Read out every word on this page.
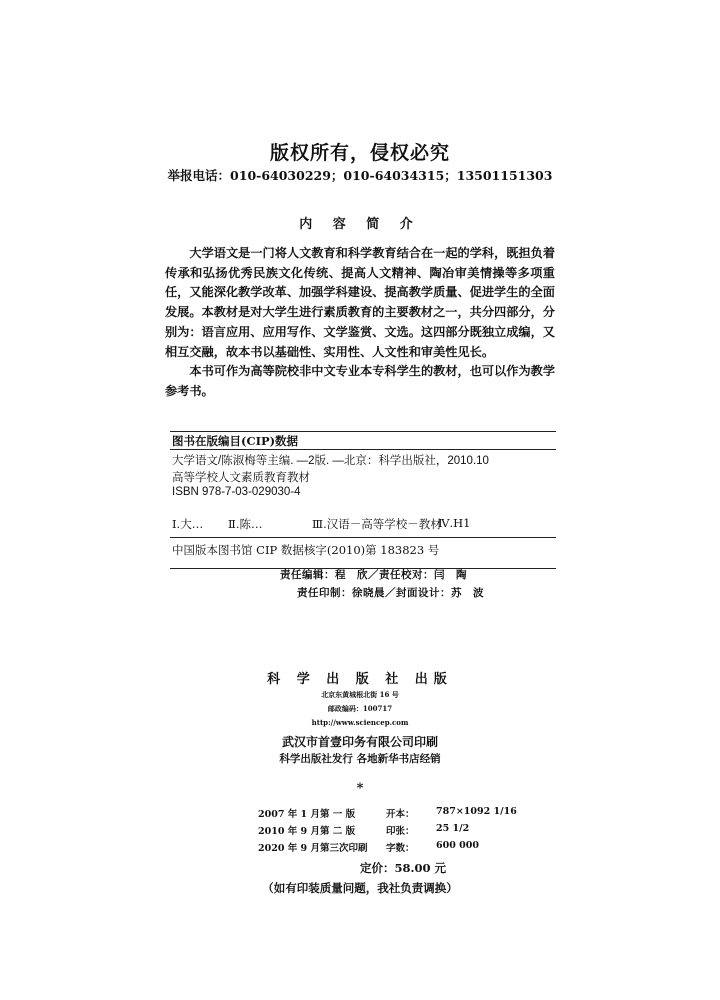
版权所有，侵权必究
举报电话：010-64030229；010-64034315；13501151303
内 容 简 介

大学语文是一门将人文教育和科学教育结合在一起的学科，既担负着传承和弘扬优秀民族文化传统、提高人文精神、陶冶审美情操等多项重任，又能深化教学改革、加强学科建设、提高教学质量、促进学生的全面发展。本教材是对大学生进行素质教育的主要教材之一，共分四部分，分别为：语言应用、应用写作、文学鉴赏、文选。这四部分既独立成编，又相互交融，故本书以基础性、实用性、人文性和审美性见长。

本书可作为高等院校非中文专业本专科学生的教材，也可以作为教学参考书。

图书在版编目(CIP)数据
大学语文/陈淑梅等主编. —2版. —北京：科学出版社，2010.10
高等学校人文素质教育教材
ISBN 978-7-03-029030-4
Ⅰ.大… Ⅱ.陈…	Ⅲ.汉语－高等学校－教材
Ⅳ.H1
中国版本图书馆 CIP 数据核字(2010)第 183823 号
责任编辑：程　欣／责任校对：闫　陶
责任印制：徐晓晨／封面设计：苏　波
科 学 出 版 社 出版
北京东黄城根北街 16 号
邮政编码：100717
http://www.sciencep.com
武汉市首壹印务有限公司印刷
科学出版社发行 各地新华书店经销
*
2007 年 1 月第 一 版	开本： 787×1092 1/16
2010 年 9 月第 二 版	印张： 25 1/2
2020 年 9 月第三次印刷 字数： 600 000
定价：58.00 元
（如有印装质量问题，我社负责调换）
